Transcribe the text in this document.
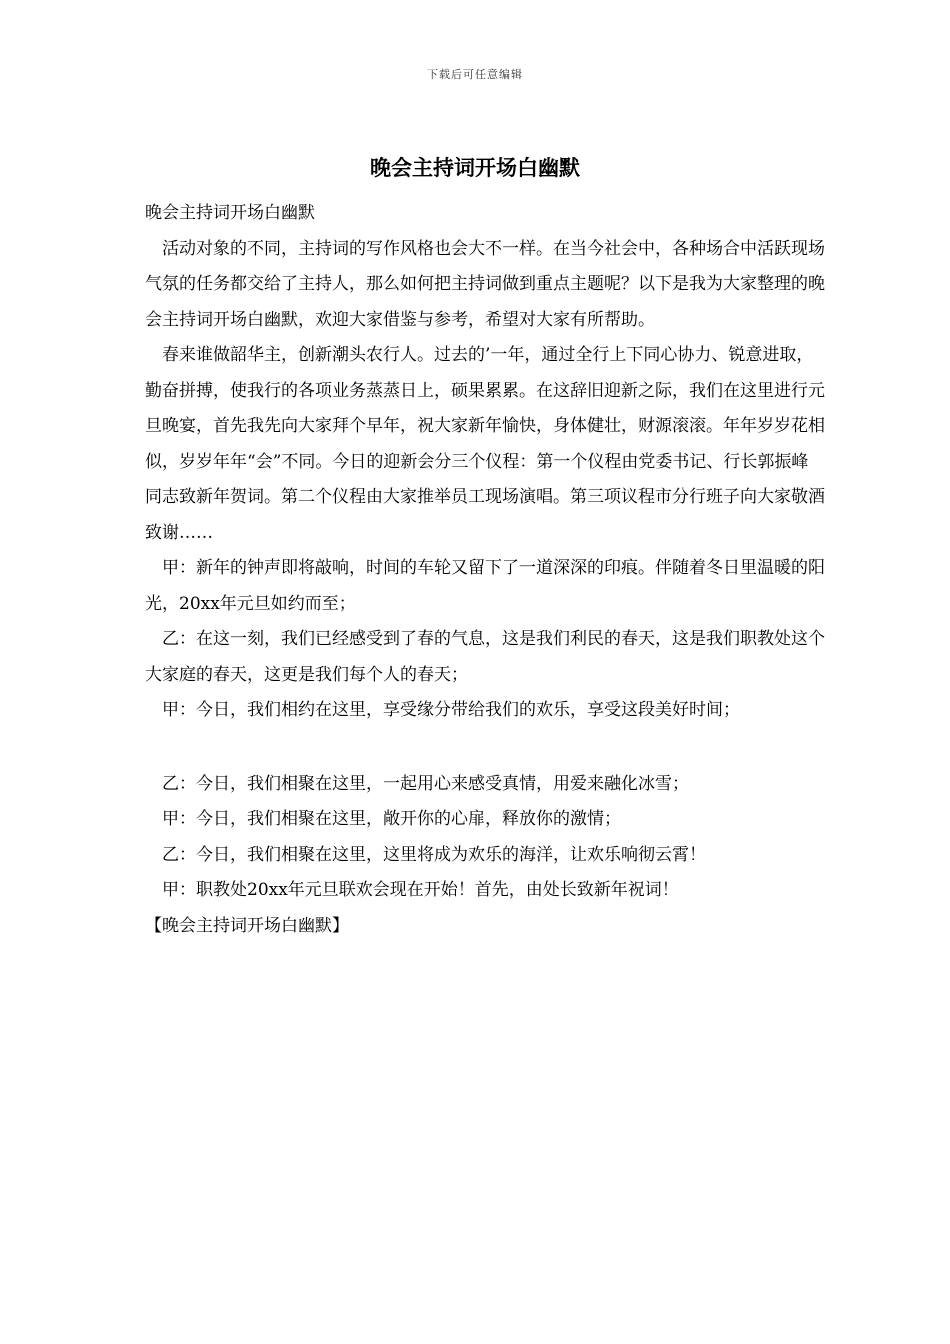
下载后可任意编辑
晚会主持词开场白幽默

晚会主持词开场白幽默

活动对象的不同，主持词的写作风格也会大不一样。在当今社会中，各种场合中活跃现场气氛的任务都交给了主持人，那么如何把主持词做到重点主题呢？以下是我为大家整理的晚会主持词开场白幽默，欢迎大家借鉴与参考，希望对大家有所帮助。

春来谁做韶华主，创新潮头农行人。过去的’一年，通过全行上下同心协力、锐意进取，勤奋拼搏，使我行的各项业务蒸蒸日上，硕果累累。在这辞旧迎新之际，我们在这里进行元旦晚宴，首先我先向大家拜个早年，祝大家新年愉快，身体健壮，财源滚滚。年年岁岁花相似，岁岁年年“会”不同。今日的迎新会分三个仪程：第一个仪程由党委书记、行长郭振峰同志致新年贺词。第二个仪程由大家推举员工现场演唱。第三项议程市分行班子向大家敬酒致谢……

甲：新年的钟声即将敲响，时间的车轮又留下了一道深深的印痕。伴随着冬日里温暖的阳光，20xx年元旦如约而至；

乙：在这一刻，我们已经感受到了春的气息，这是我们利民的春天，这是我们职教处这个大家庭的春天，这更是我们每个人的春天；

甲：今日，我们相约在这里，享受缘分带给我们的欢乐，享受这段美好时间；

乙：今日，我们相聚在这里，一起用心来感受真情，用爱来融化冰雪；

甲：今日，我们相聚在这里，敞开你的心扉，释放你的激情；

乙：今日，我们相聚在这里，这里将成为欢乐的海洋，让欢乐响彻云霄！

甲：职教处20xx年元旦联欢会现在开始！首先，由处长致新年祝词！

【晚会主持词开场白幽默】
